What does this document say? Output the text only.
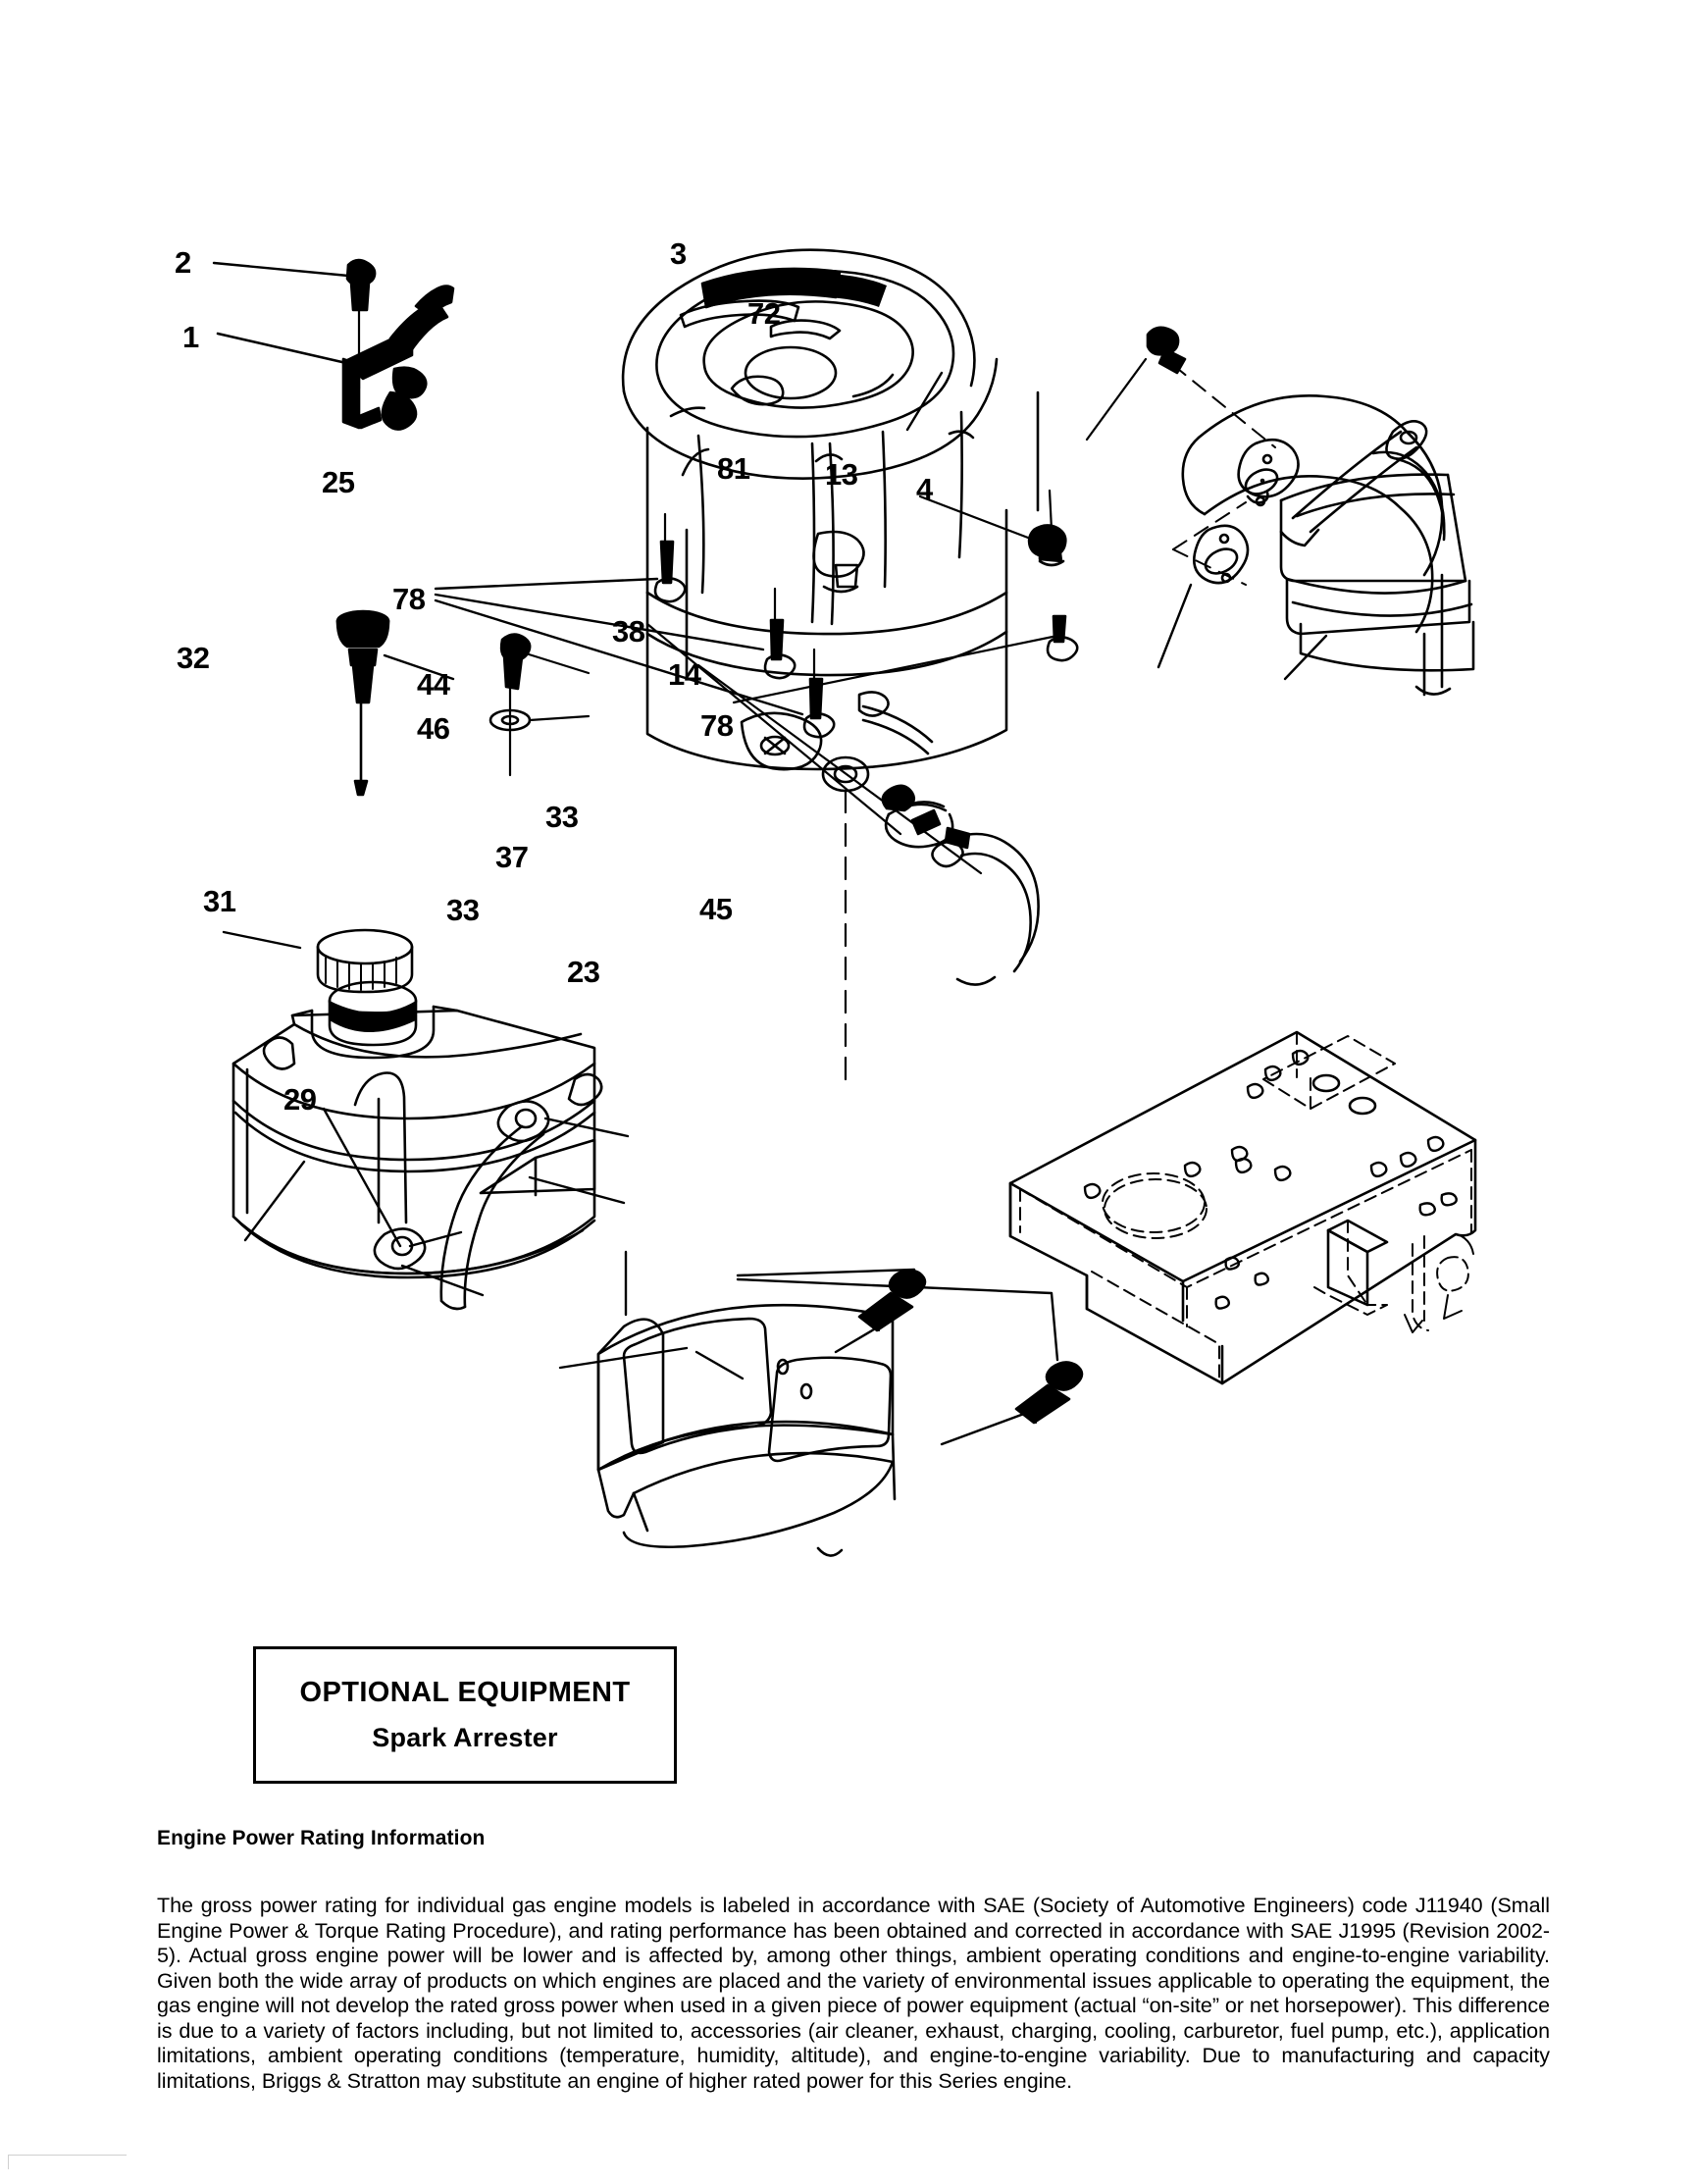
2
1
25
3
72
13 4
81
78
38
14
78
32
44
46
31
33
37
33	45
23
29
OPTIONAL EQUIPMENT
Spark Arrester
Engine Power Rating Information

The gross power rating for individual gas engine models is labeled in accordance with SAE (Society of Automotive Engineers) code J11940 (Small Engine Power & Torque Rating Procedure), and rating performance has been obtained and corrected in accordance with SAE J1995 (Revision 2002-5). Actual gross engine power will be lower and is affected by, among other things, ambient operating conditions and engine-to-engine variability. Given both the wide array of products on which engines are placed and the variety of environmental issues applicable to operating the equipment, the gas engine will not develop the rated gross power when used in a given piece of power equipment (actual “on-site” or net horsepower). This difference is due to a variety of factors including, but not limited to, accessories (air cleaner, exhaust, charging, cooling, carburetor, fuel pump, etc.), application limitations, ambient operating conditions (temperature, humidity, altitude), and engine-to-engine variability. Due to manufacturing and capacity limitations, Briggs & Stratton may substitute an engine of higher rated power for this Series engine.
